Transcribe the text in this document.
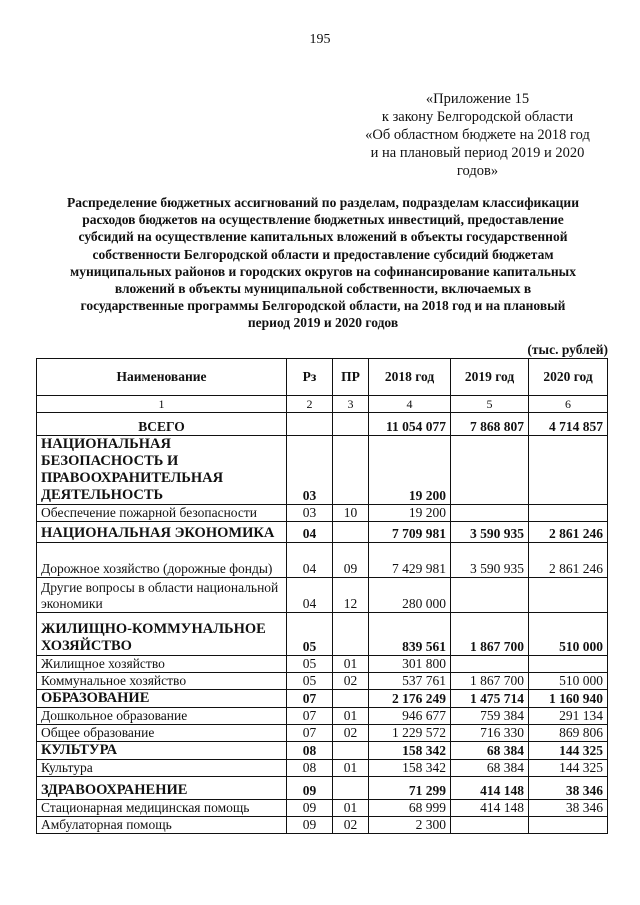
195
«Приложение 15
к закону Белгородской области
«Об областном бюджете на 2018 год
и на плановый период 2019 и 2020
годов»
Распределение бюджетных ассигнований по разделам, подразделам классификации
расходов бюджетов на осуществление бюджетных инвестиций, предоставление
субсидий на осуществление капитальных вложений в объекты государственной
собственности Белгородской области и предоставление субсидий бюджетам
муниципальных районов и городских округов на софинансирование капитальных
вложений в объекты муниципальной собственности, включаемых в
государственные программы Белгородской области, на 2018 год и на плановый
период 2019 и 2020 годов
(тыс. рублей)
Наименование	Рз	ПР	2018 год	2019 год	2020 год
1	2	3	4	5	6
ВСЕГО			11 054 077	7 868 807	4 714 857
НАЦИОНАЛЬНАЯ БЕЗОПАСНОСТЬ И ПРАВООХРАНИТЕЛЬНАЯ ДЕЯТЕЛЬНОСТЬ	03		19 200		
Обеспечение пожарной безопасности	03	10	19 200		
НАЦИОНАЛЬНАЯ ЭКОНОМИКА	04		7 709 981	3 590 935	2 861 246
Дорожное хозяйство (дорожные фонды)	04	09	7 429 981	3 590 935	2 861 246
Другие вопросы в области национальной экономики	04	12	280 000		
ЖИЛИЩНО-КОММУНАЛЬНОЕ ХОЗЯЙСТВО	05		839 561	1 867 700	510 000
Жилищное хозяйство	05	01	301 800		
Коммунальное хозяйство	05	02	537 761	1 867 700	510 000
ОБРАЗОВАНИЕ	07		2 176 249	1 475 714	1 160 940
Дошкольное образование	07	01	946 677	759 384	291 134
Общее образование	07	02	1 229 572	716 330	869 806
КУЛЬТУРА	08		158 342	68 384	144 325
Культура	08	01	158 342	68 384	144 325
ЗДРАВООХРАНЕНИЕ	09		71 299	414 148	38 346
Стационарная медицинская помощь	09	01	68 999	414 148	38 346
Амбулаторная помощь	09	02	2 300		
